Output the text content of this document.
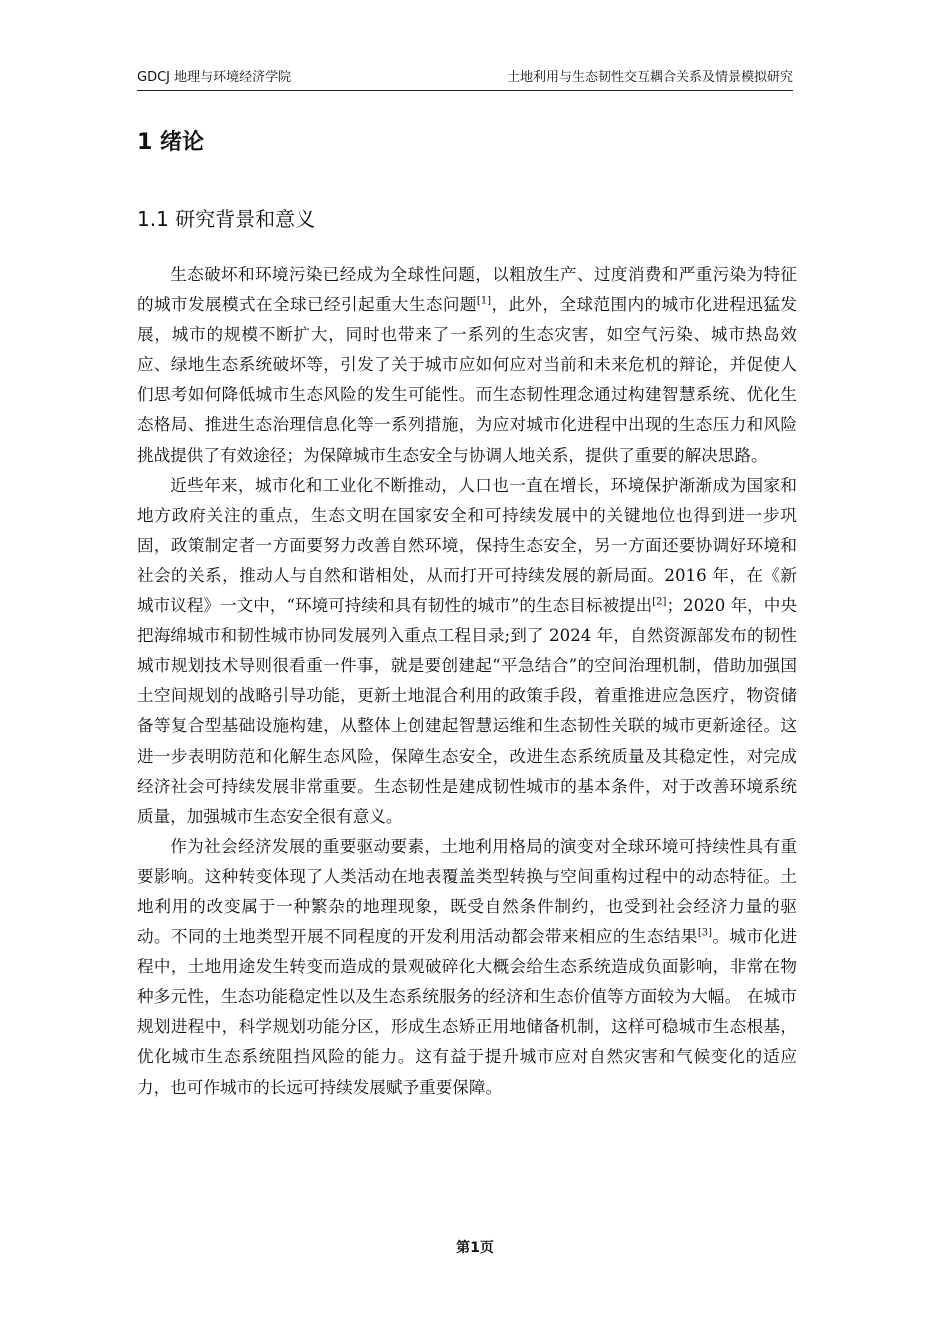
GDCJ 地理与环境经济学院	土地利用与生态韧性交互耦合关系及情景模拟研究
1 绪论
1.1 研究背景和意义

生态破坏和环境污染已经成为全球性问题，以粗放生产、过度消费和严重污染为特征的城市发展模式在全球已经引起重大生态问题[1]，此外，全球范围内的城市化进程迅猛发展，城市的规模不断扩大，同时也带来了一系列的生态灾害，如空气污染、城市热岛效应、绿地生态系统破坏等，引发了关于城市应如何应对当前和未来危机的辩论，并促使人们思考如何降低城市生态风险的发生可能性。而生态韧性理念通过构建智慧系统、优化生态格局、推进生态治理信息化等一系列措施，为应对城市化进程中出现的生态压力和风险挑战提供了有效途径；为保障城市生态安全与协调人地关系，提供了重要的解决思路。

近些年来，城市化和工业化不断推动，人口也一直在增长，环境保护渐渐成为国家和地方政府关注的重点，生态文明在国家安全和可持续发展中的关键地位也得到进一步巩固，政策制定者一方面要努力改善自然环境，保持生态安全，另一方面还要协调好环境和社会的关系，推动人与自然和谐相处，从而打开可持续发展的新局面。2016 年，在《新城市议程》一文中，“环境可持续和具有韧性的城市”的生态目标被提出[2]；2020 年，中央把海绵城市和韧性城市协同发展列入重点工程目录;到了 2024 年，自然资源部发布的韧性城市规划技术导则很看重一件事，就是要创建起“平急结合”的空间治理机制，借助加强国土空间规划的战略引导功能，更新土地混合利用的政策手段，着重推进应急医疗，物资储备等复合型基础设施构建，从整体上创建起智慧运维和生态韧性关联的城市更新途径。这进一步表明防范和化解生态风险，保障生态安全，改进生态系统质量及其稳定性，对完成经济社会可持续发展非常重要。生态韧性是建成韧性城市的基本条件，对于改善环境系统质量，加强城市生态安全很有意义。

作为社会经济发展的重要驱动要素，土地利用格局的演变对全球环境可持续性具有重要影响。这种转变体现了人类活动在地表覆盖类型转换与空间重构过程中的动态特征。土地利用的改变属于一种繁杂的地理现象，既受自然条件制约，也受到社会经济力量的驱动。不同的土地类型开展不同程度的开发利用活动都会带来相应的生态结果[3]。城市化进程中，土地用途发生转变而造成的景观破碎化大概会给生态系统造成负面影响，非常在物种多元性，生态功能稳定性以及生态系统服务的经济和生态价值等方面较为大幅。 在城市规划进程中，科学规划功能分区，形成生态矫正用地储备机制，这样可稳城市生态根基，优化城市生态系统阻挡风险的能力。这有益于提升城市应对自然灾害和气候变化的适应力，也可作城市的长远可持续发展赋予重要保障。

第1页
